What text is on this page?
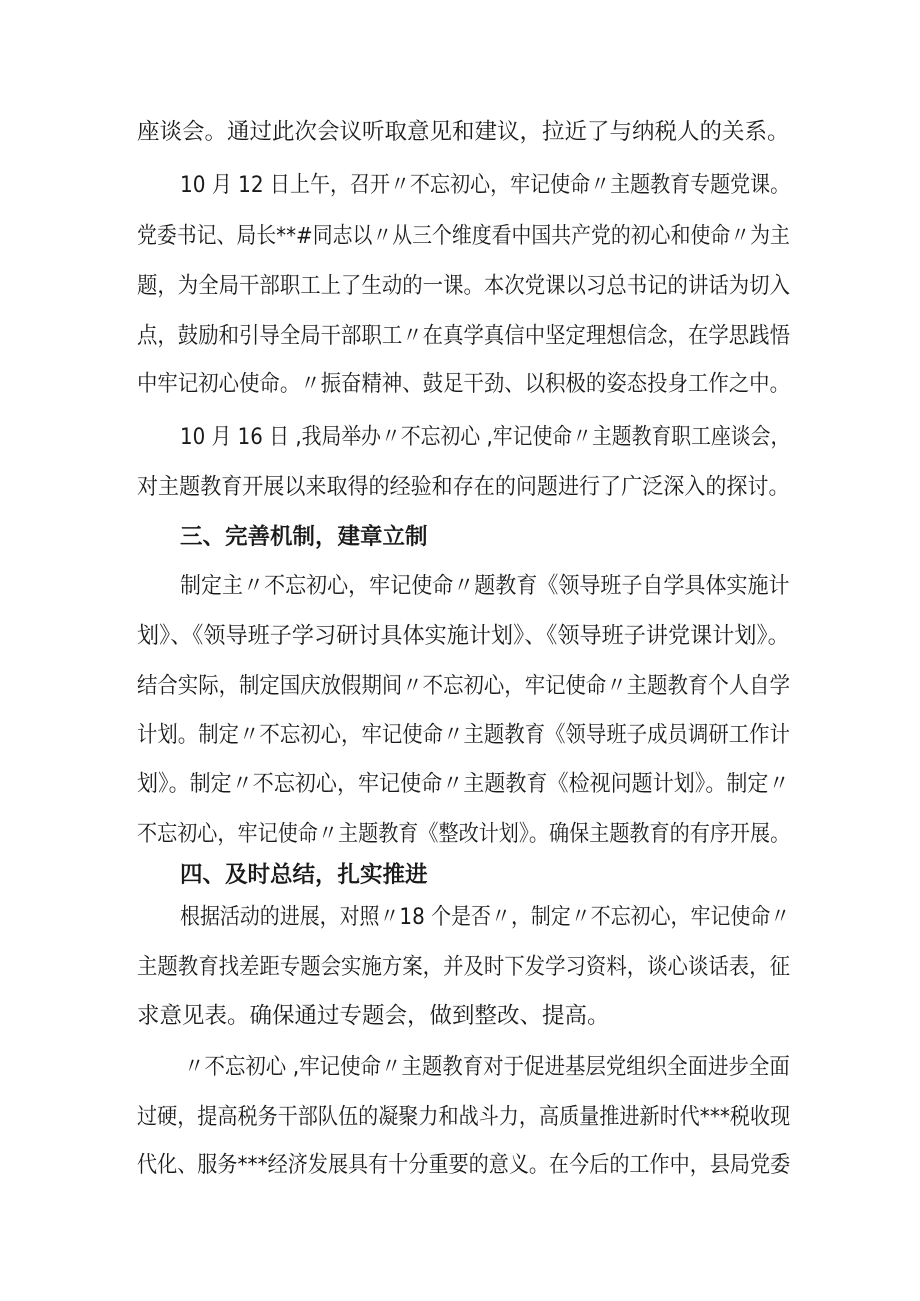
座谈会。通过此次会议听取意见和建议，拉近了与纳税人的关系。
10 月 12 日上午，召开〃不忘初心，牢记使命〃主题教育专题党课。
党委书记、局长**#同志以〃从三个维度看中国共产党的初心和使命〃为主
题，为全局干部职工上了生动的一课。本次党课以习总书记的讲话为切入
点，鼓励和引导全局干部职工〃在真学真信中坚定理想信念，在学思践悟
中牢记初心使命。〃振奋精神、鼓足干劲、以积极的姿态投身工作之中。
10 月 16 日 ,我局举办〃不忘初心 ,牢记使命〃主题教育职工座谈会，
对主题教育开展以来取得的经验和存在的问题进行了广泛深入的探讨。
三、完善机制，建章立制
制定主〃不忘初心，牢记使命〃题教育《领导班子自学具体实施计
划》、《领导班子学习研讨具体实施计划》、《领导班子讲党课计划》。
结合实际，制定国庆放假期间〃不忘初心，牢记使命〃主题教育个人自学
计划。制定〃不忘初心，牢记使命〃主题教育《领导班子成员调研工作计
划》。制定〃不忘初心，牢记使命〃主题教育《检视问题计划》。制定〃
不忘初心，牢记使命〃主题教育《整改计划》。确保主题教育的有序开展。
四、及时总结，扎实推进
根据活动的进展，对照〃18 个是否〃，制定〃不忘初心，牢记使命〃
主题教育找差距专题会实施方案，并及时下发学习资料，谈心谈话表，征
求意见表。确保通过专题会，做到整改、提高。
〃不忘初心 ,牢记使命〃主题教育对于促进基层党组织全面进步全面
过硬，提高税务干部队伍的凝聚力和战斗力，高质量推进新时代***税收现
代化、服务***经济发展具有十分重要的意义。在今后的工作中，县局党委
